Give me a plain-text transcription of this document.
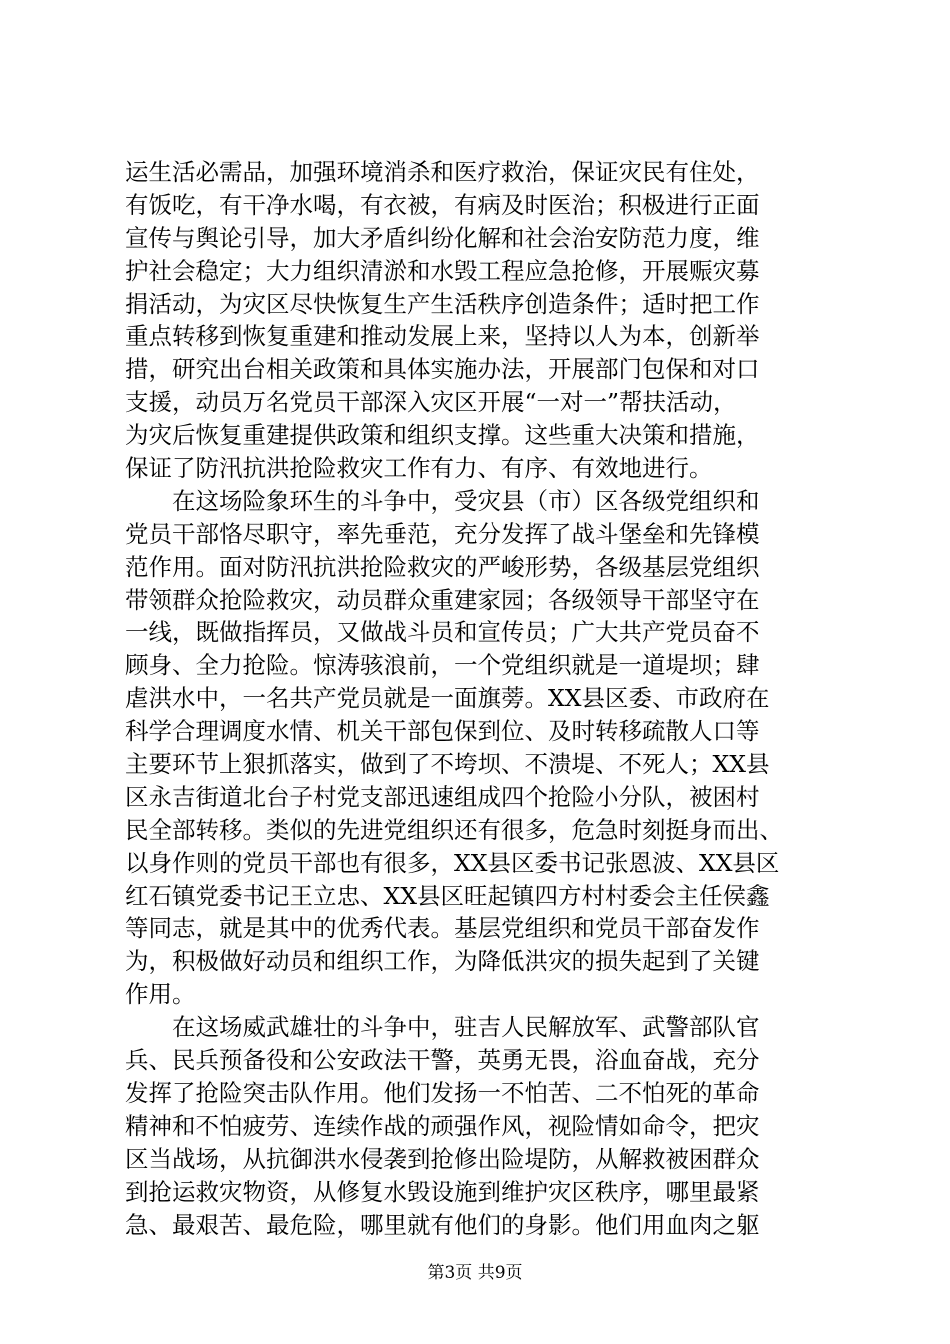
运生活必需品，加强环境消杀和医疗救治，保证灾民有住处，
有饭吃，有干净水喝，有衣被，有病及时医治；积极进行正面
宣传与舆论引导，加大矛盾纠纷化解和社会治安防范力度，维
护社会稳定；大力组织清淤和水毁工程应急抢修，开展赈灾募
捐活动，为灾区尽快恢复生产生活秩序创造条件；适时把工作
重点转移到恢复重建和推动发展上来，坚持以人为本，创新举
措，研究出台相关政策和具体实施办法，开展部门包保和对口
支援，动员万名党员干部深入灾区开展“一对一”帮扶活动，
为灾后恢复重建提供政策和组织支撑。这些重大决策和措施，
保证了防汛抗洪抢险救灾工作有力、有序、有效地进行。
　　在这场险象环生的斗争中，受灾县（市）区各级党组织和
党员干部恪尽职守，率先垂范，充分发挥了战斗堡垒和先锋模
范作用。面对防汛抗洪抢险救灾的严峻形势，各级基层党组织
带领群众抢险救灾，动员群众重建家园；各级领导干部坚守在
一线，既做指挥员，又做战斗员和宣传员；广大共产党员奋不
顾身、全力抢险。惊涛骇浪前，一个党组织就是一道堤坝；肆
虐洪水中，一名共产党员就是一面旗蒡。XX县区委、市政府在
科学合理调度水情、机关干部包保到位、及时转移疏散人口等
主要环节上狠抓落实，做到了不垮坝、不溃堤、不死人；XX县
区永吉街道北台子村党支部迅速组成四个抢险小分队，被困村
民全部转移。类似的先进党组织还有很多，危急时刻挺身而出、
以身作则的党员干部也有很多，XX县区委书记张恩波、XX县区
红石镇党委书记王立忠、XX县区旺起镇四方村村委会主任侯鑫
等同志，就是其中的优秀代表。基层党组织和党员干部奋发作
为，积极做好动员和组织工作，为降低洪灾的损失起到了关键
作用。
　　在这场威武雄壮的斗争中，驻吉人民解放军、武警部队官
兵、民兵预备役和公安政法干警，英勇无畏，浴血奋战，充分
发挥了抢险突击队作用。他们发扬一不怕苦、二不怕死的革命
精神和不怕疲劳、连续作战的顽强作风，视险情如命令，把灾
区当战场，从抗御洪水侵袭到抢修出险堤防，从解救被困群众
到抢运救灾物资，从修复水毁设施到维护灾区秩序，哪里最紧
急、最艰苦、最危险，哪里就有他们的身影。他们用血肉之躯
第3页 共9页
